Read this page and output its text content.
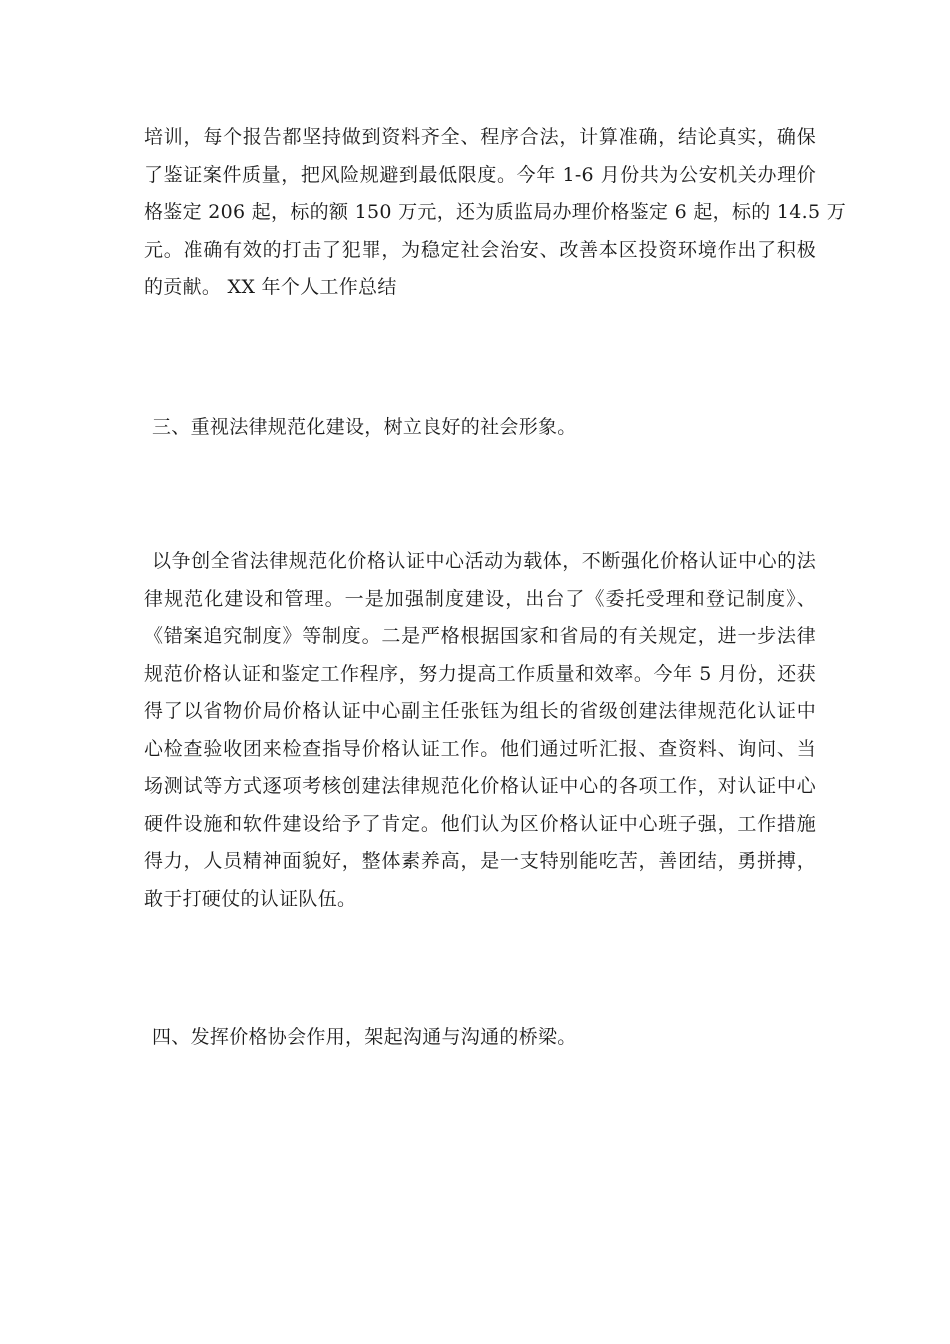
培训，每个报告都坚持做到资料齐全、程序合法，计算准确，结论真实，确保
了鉴证案件质量，把风险规避到最低限度。今年 1-6 月份共为公安机关办理价
格鉴定 206 起，标的额 150 万元，还为质监局办理价格鉴定 6 起，标的 14.5 万
元。准确有效的打击了犯罪，为稳定社会治安、改善本区投资环境作出了积极
的贡献。 XX 年个人工作总结
三、重视法律规范化建设，树立良好的社会形象。
以争创全省法律规范化价格认证中心活动为载体，不断强化价格认证中心的法
律规范化建设和管理。一是加强制度建设，出台了《委托受理和登记制度》、
《错案追究制度》等制度。二是严格根据国家和省局的有关规定，进一步法律
规范价格认证和鉴定工作程序，努力提高工作质量和效率。今年 5 月份，还获
得了以省物价局价格认证中心副主任张钰为组长的省级创建法律规范化认证中
心检查验收团来检查指导价格认证工作。他们通过听汇报、查资料、询问、当
场测试等方式逐项考核创建法律规范化价格认证中心的各项工作，对认证中心
硬件设施和软件建设给予了肯定。他们认为区价格认证中心班子强，工作措施
得力，人员精神面貌好，整体素养高，是一支特别能吃苦，善团结，勇拼搏，
敢于打硬仗的认证队伍。
四、发挥价格协会作用，架起沟通与沟通的桥梁。
